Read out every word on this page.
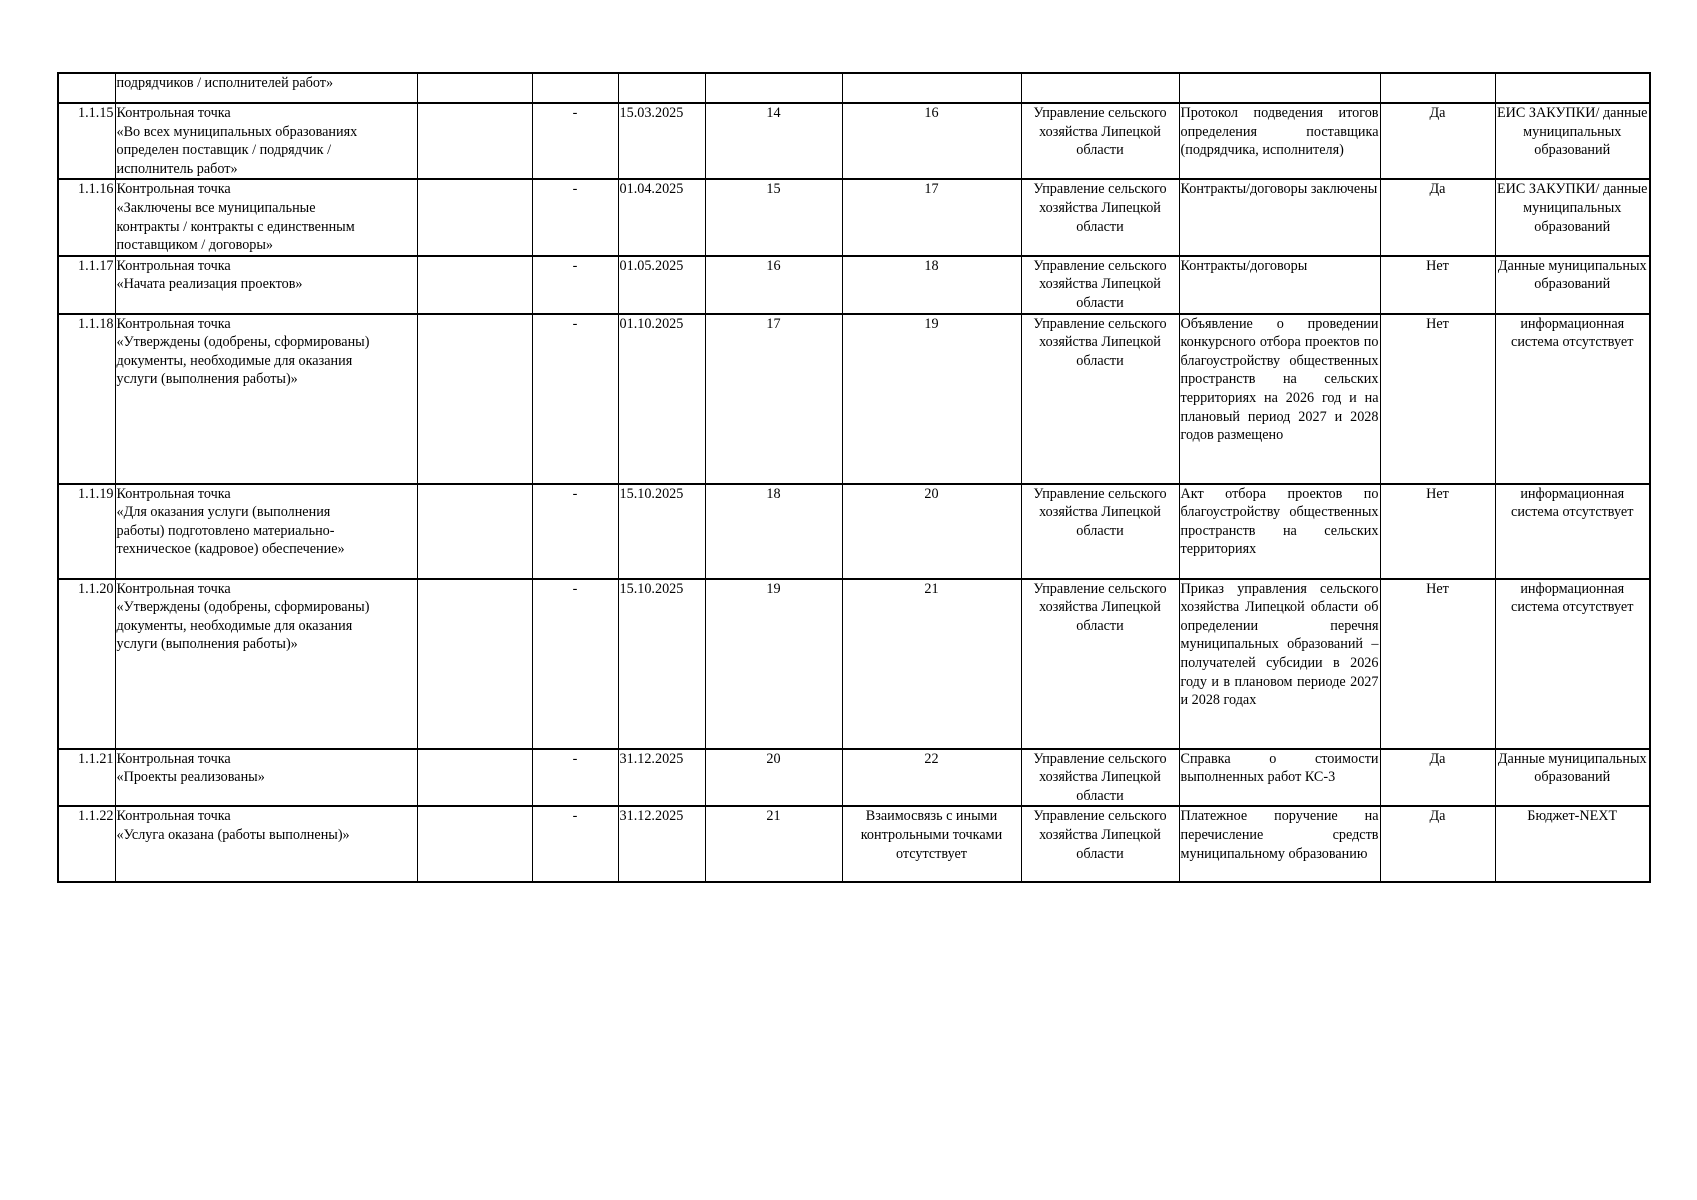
подрядчиков / исполнителей работ»									
1.1.15	Контрольная точка
«Во всех муниципальных образованиях
определен поставщик / подрядчик /
исполнитель работ»		-	15.03.2025	14	16	Управление сельского хозяйства Липецкой области	Протокол подведения итогов определения поставщика (подрядчика, исполнителя)	Да	ЕИС ЗАКУПКИ/ данные муниципальных образований
1.1.16	Контрольная точка
«Заключены все муниципальные
контракты / контракты с единственным
поставщиком / договоры»		-	01.04.2025	15	17	Управление сельского хозяйства Липецкой области	Контракты/договоры заключены	Да	ЕИС ЗАКУПКИ/ данные муниципальных образований
1.1.17	Контрольная точка
«Начата реализация проектов»		-	01.05.2025	16	18	Управление сельского хозяйства Липецкой области	Контракты/договоры	Нет	Данные муниципальных образований
1.1.18	Контрольная точка
«Утверждены (одобрены, сформированы)
документы, необходимые для оказания
услуги (выполнения работы)»		-	01.10.2025	17	19	Управление сельского хозяйства Липецкой области	Объявление о проведении конкурсного отбора проектов по благоустройству общественных пространств на сельских территориях на 2026 год и на плановый период 2027 и 2028 годов размещено	Нет	информационная система отсутствует
1.1.19	Контрольная точка
«Для оказания услуги (выполнения
работы) подготовлено материально-
техническое (кадровое) обеспечение»		-	15.10.2025	18	20	Управление сельского хозяйства Липецкой области	Акт отбора проектов по благоустройству общественных пространств на сельских территориях	Нет	информационная система отсутствует
1.1.20	Контрольная точка
«Утверждены (одобрены, сформированы)
документы, необходимые для оказания
услуги (выполнения работы)»		-	15.10.2025	19	21	Управление сельского хозяйства Липецкой области	Приказ управления сельского хозяйства Липецкой области об определении перечня муниципальных образований – получателей субсидии в 2026 году и в плановом периоде 2027 и 2028 годах	Нет	информационная система отсутствует
1.1.21	Контрольная точка
«Проекты реализованы»		-	31.12.2025	20	22	Управление сельского хозяйства Липецкой области	Справка о стоимости выполненных работ КС-3	Да	Данные муниципальных образований
1.1.22	Контрольная точка
«Услуга оказана (работы выполнены)»		-	31.12.2025	21	Взаимосвязь с иными контрольными точками отсутствует	Управление сельского хозяйства Липецкой области	Платежное поручение на перечисление средств муниципальному образованию	Да	Бюджет-NEXT
